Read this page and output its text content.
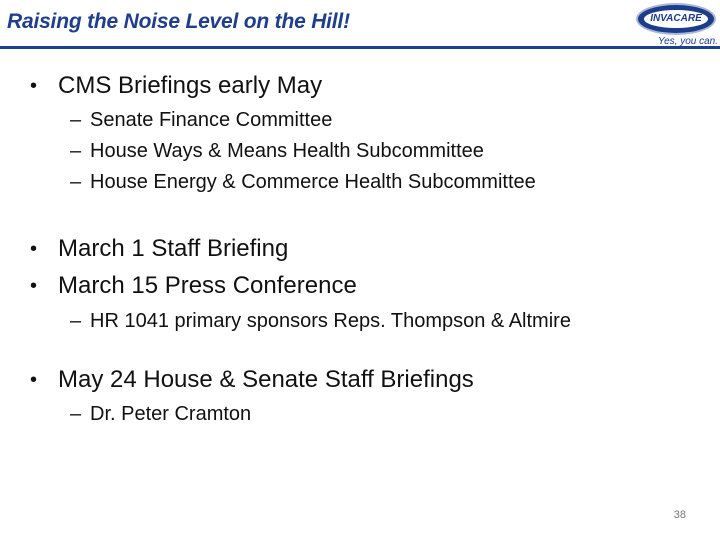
Raising the Noise Level on the Hill!	INVACARE
Yes, you can.
• CMS Briefings early May
– Senate Finance Committee
– House Ways & Means Health Subcommittee
– House Energy & Commerce Health Subcommittee
• March 1 Staff Briefing
• March 15 Press Conference
– HR 1041 primary sponsors Reps. Thompson & Altmire
• May 24 House & Senate Staff Briefings
– Dr. Peter Cramton
38
